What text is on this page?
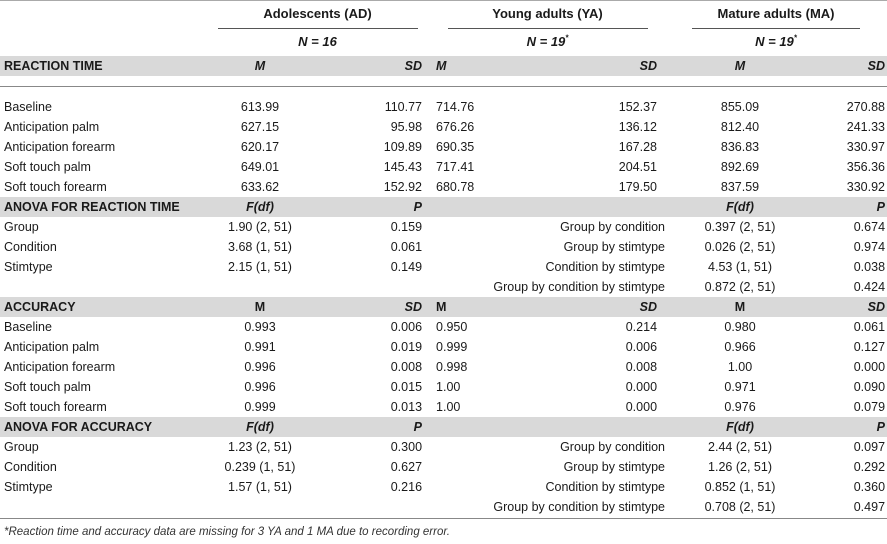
	Adolescents (AD)		Young adults (YA)		Mature adults (MA)	
	N = 16		N = 19*		N = 19*
REACTION TIME	M	SD	M	SD	M	SD

Baseline	613.99	110.77	714.76	152.37	855.09	270.88
Anticipation palm	627.15	95.98	676.26	136.12	812.40	241.33
Anticipation forearm	620.17	109.89	690.35	167.28	836.83	330.97
Soft touch palm	649.01	145.43	717.41	204.51	892.69	356.36
Soft touch forearm	633.62	152.92	680.78	179.50	837.59	330.92
ANOVA FOR REACTION TIME	F(df)	P			F(df)	P
Group	1.90 (2, 51)	0.159	Group by condition		0.397 (2, 51)	0.674
Condition	3.68 (1, 51)	0.061	Group by stimtype		0.026 (2, 51)	0.974
Stimtype	2.15 (1, 51)	0.149	Condition by stimtype		4.53 (1, 51)	0.038
			Group by condition by stimtype		0.872 (2, 51)	0.424
ACCURACY	M	SD	M	SD	M	SD
Baseline	0.993	0.006	0.950	0.214	0.980	0.061
Anticipation palm	0.991	0.019	0.999	0.006	0.966	0.127
Anticipation forearm	0.996	0.008	0.998	0.008	1.00	0.000
Soft touch palm	0.996	0.015	1.00	0.000	0.971	0.090
Soft touch forearm	0.999	0.013	1.00	0.000	0.976	0.079
ANOVA FOR ACCURACY	F(df)	P			F(df)	P
Group	1.23 (2, 51)	0.300	Group by condition		2.44 (2, 51)	0.097
Condition	0.239 (1, 51)	0.627	Group by stimtype		1.26 (2, 51)	0.292
Stimtype	1.57 (1, 51)	0.216	Condition by stimtype		0.852 (1, 51)	0.360
			Group by condition by stimtype		0.708 (2, 51)	0.497
*Reaction time and accuracy data are missing for 3 YA and 1 MA due to recording error.
